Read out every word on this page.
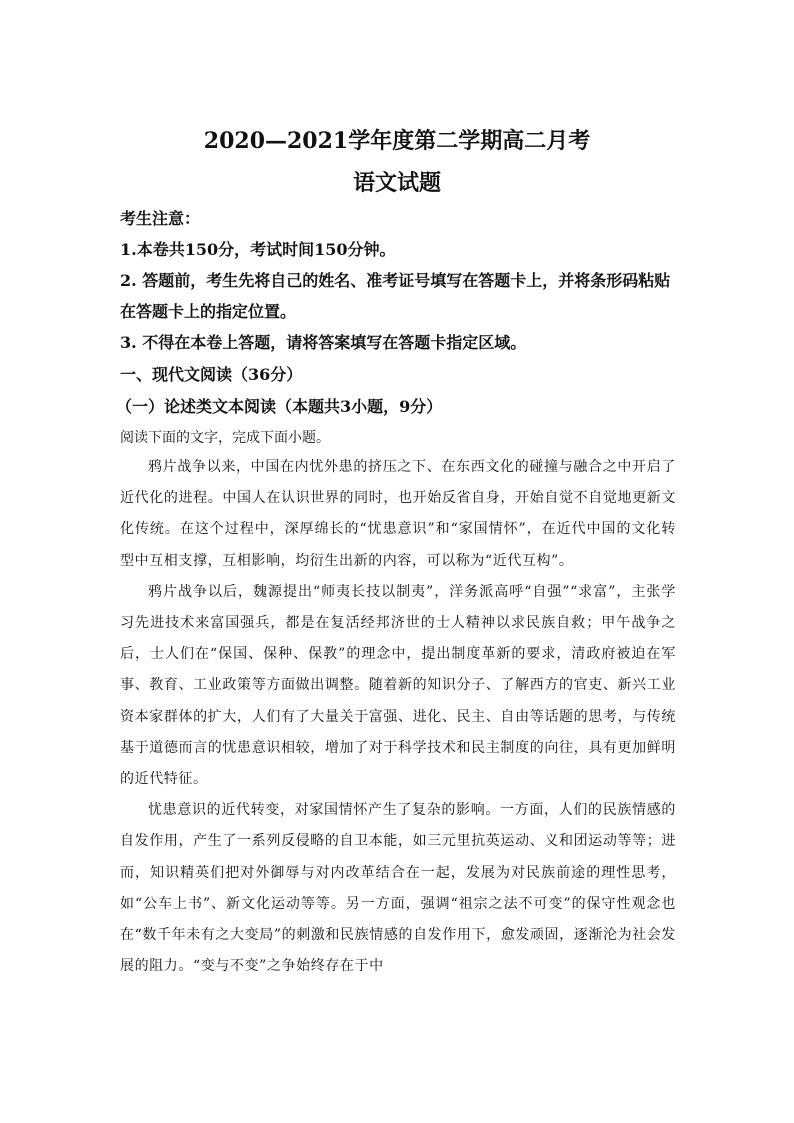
2020—2021学年度第二学期高二月考
语文试题
考生注意：
1.本卷共150分，考试时间150分钟。
2. 答题前，考生先将自己的姓名、准考证号填写在答题卡上，并将条形码粘贴
在答题卡上的指定位置。
3. 不得在本卷上答题，请将答案填写在答题卡指定区域。
一、现代文阅读（36分）
（一）论述类文本阅读（本题共3小题，9分）
阅读下面的文字，完成下面小题。

鸦片战争以来，中国在内忧外患的挤压之下、在东西文化的碰撞与融合之中开启了近代化的进程。中国人在认识世界的同时，也开始反省自身，开始自觉不自觉地更新文化传统。在这个过程中，深厚绵长的“忧患意识”和“家国情怀”，在近代中国的文化转型中互相支撑，互相影响，均衍生出新的内容，可以称为“近代互构”。

鸦片战争以后，魏源提出“师夷长技以制夷”，洋务派高呼“自强”“求富”，主张学习先进技术来富国强兵，都是在复活经邦济世的士人精神以求民族自救；甲午战争之后，士人们在“保国、保种、保教”的理念中，提出制度革新的要求，清政府被迫在军事、教育、工业政策等方面做出调整。随着新的知识分子、了解西方的官吏、新兴工业资本家群体的扩大，人们有了大量关于富强、进化、民主、自由等话题的思考，与传统基于道德而言的忧患意识相较，增加了对于科学技术和民主制度的向往，具有更加鲜明的近代特征。

忧患意识的近代转变，对家国情怀产生了复杂的影响。一方面，人们的民族情感的自发作用，产生了一系列反侵略的自卫本能，如三元里抗英运动、义和团运动等等；进而，知识精英们把对外御辱与对内改革结合在一起，发展为对民族前途的理性思考，如“公车上书”、新文化运动等等。另一方面，强调“祖宗之法不可变”的保守性观念也在“数千年未有之大变局”的刺激和民族情感的自发作用下，愈发顽固，逐渐沦为社会发展的阻力。“变与不变”之争始终存在于中
